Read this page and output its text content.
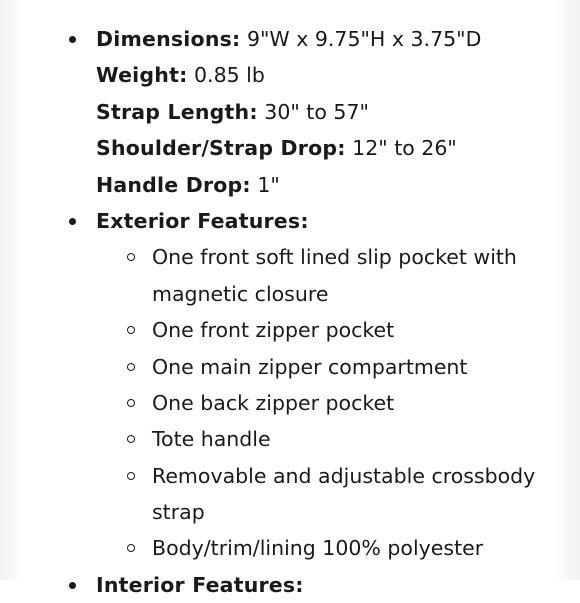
Dimensions: 9"W x 9.75"H x 3.75"D
Weight: 0.85 lb
Strap Length: 30" to 57"
Shoulder/Strap Drop: 12" to 26"
Handle Drop: 1"
Exterior Features:
One front soft lined slip pocket with
magnetic closure
One front zipper pocket
One main zipper compartment
One back zipper pocket
Tote handle
Removable and adjustable crossbody
strap
Body/trim/lining 100% polyester
Interior Features:
